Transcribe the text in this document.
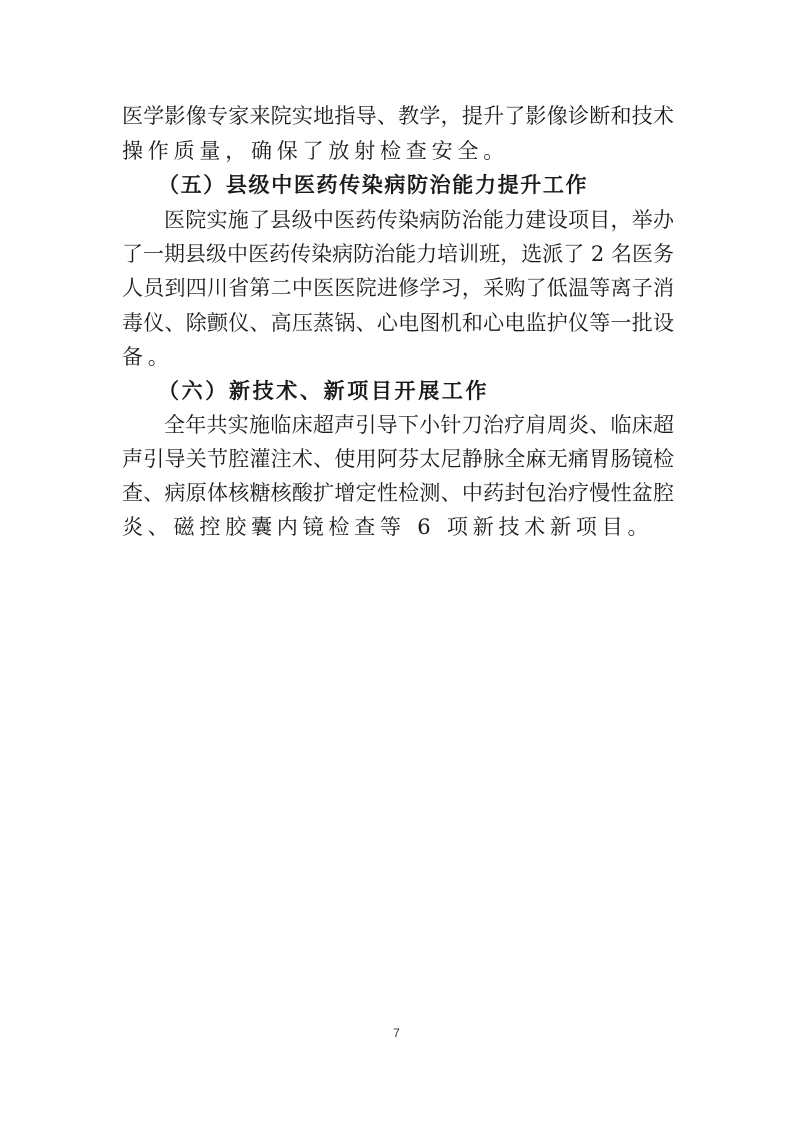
医学影像专家来院实地指导、教学，提升了影像诊断和技术
操作质量，确保了放射检查安全。
（五）县级中医药传染病防治能力提升工作
医院实施了县级中医药传染病防治能力建设项目，举办
了一期县级中医药传染病防治能力培训班，选派了 2 名医务
人员到四川省第二中医医院进修学习，采购了低温等离子消
毒仪、除颤仪、高压蒸锅、心电图机和心电监护仪等一批设
备。
（六）新技术、新项目开展工作
全年共实施临床超声引导下小针刀治疗肩周炎、临床超
声引导关节腔灌注术、使用阿芬太尼静脉全麻无痛胃肠镜检
查、病原体核糖核酸扩增定性检测、中药封包治疗慢性盆腔
炎、磁控胶囊内镜检查等 6 项新技术新项目。
7
